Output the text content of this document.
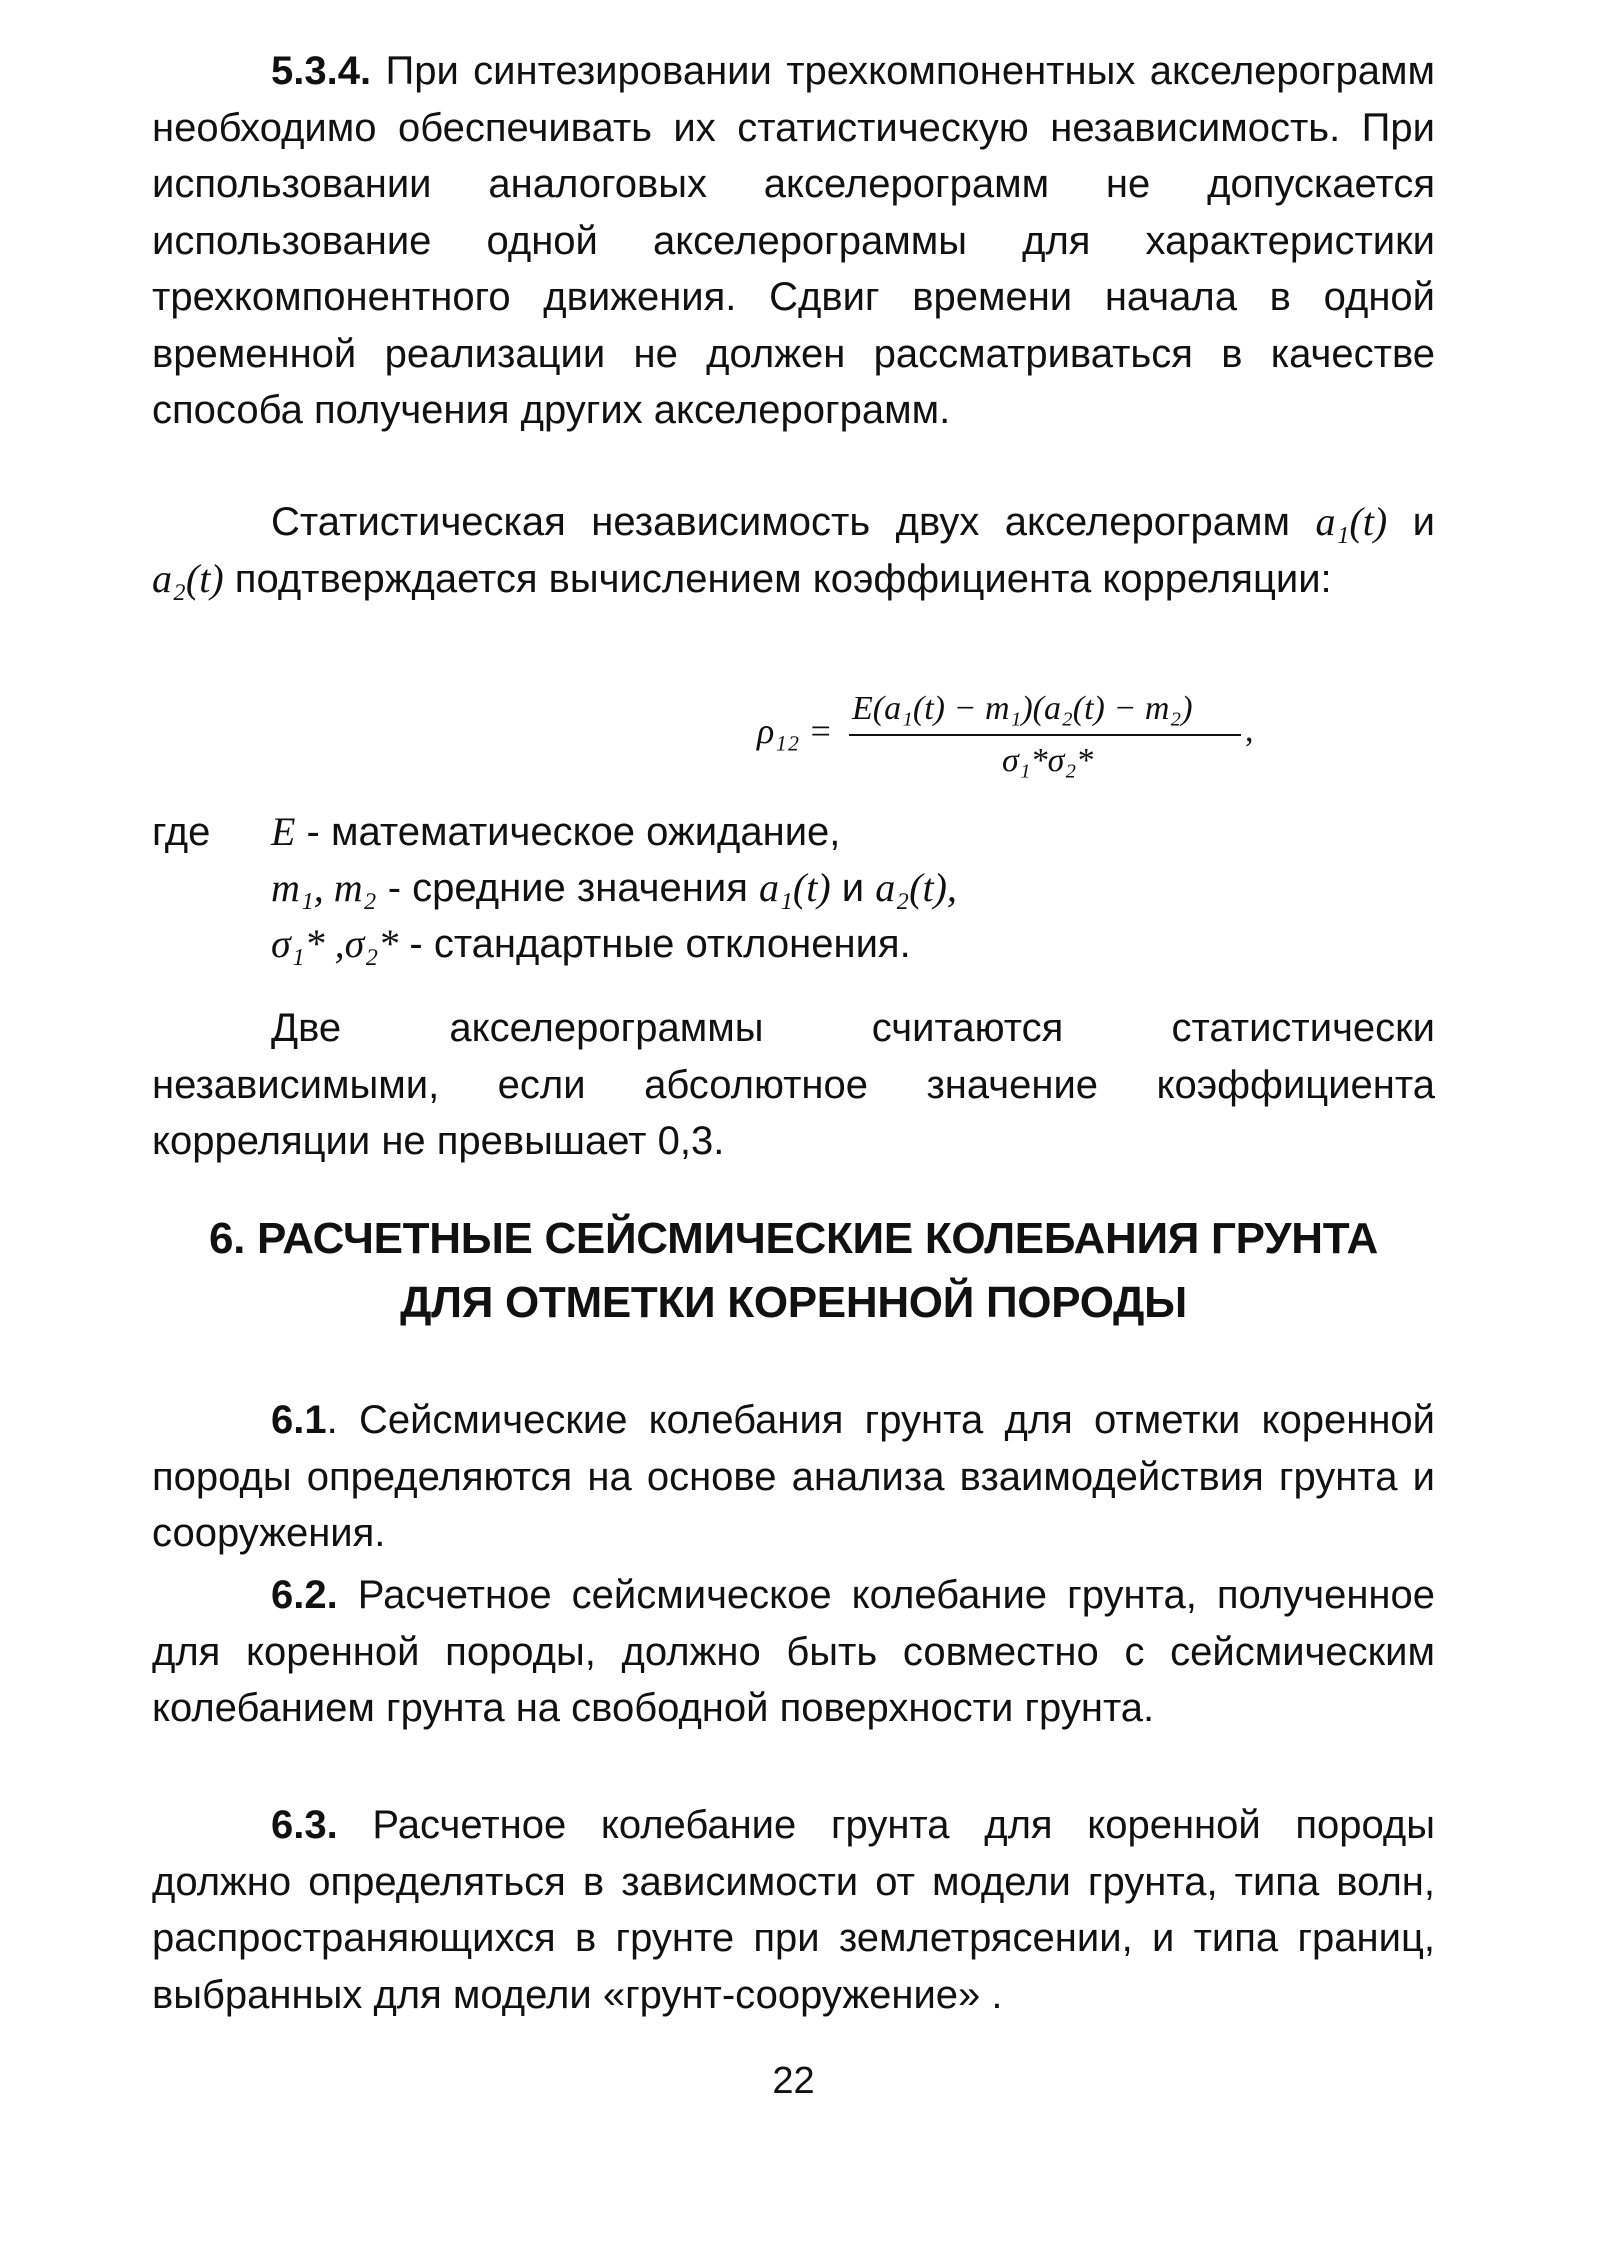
5.3.4. При синтезировании трехкомпонентных акселерограмм необходимо обеспечивать их статистическую независимость. При использовании аналоговых акселерограмм не допускается использование одной акселерограммы для характеристики трехкомпонентного движения. Сдвиг времени начала в одной временной реализации не должен рассматриваться в качестве способа получения других акселерограмм.

Статистическая независимость двух акселерограмм a₁(t) и a₂(t) подтверждается вычислением коэффициента корреляции:

ρ₁₂ =
E(a₁(t) − m₁)(a₂(t) − m₂)
σ₁*σ₂*
,
где E - математическое ожидание,
m₁, m₂ - средние значения a₁(t) и a₂(t),
σ₁* ,σ₂* - стандартные отклонения.

Две акселерограммы считаются статистически независимыми, если абсолютное значение коэффициента корреляции не превышает 0,3.

6. РАСЧЕТНЫЕ СЕЙСМИЧЕСКИЕ КОЛЕБАНИЯ ГРУНТА
ДЛЯ ОТМЕТКИ КОРЕННОЙ ПОРОДЫ

6.1. Сейсмические колебания грунта для отметки коренной породы определяются на основе анализа взаимодействия грунта и сооружения.

6.2. Расчетное сейсмическое колебание грунта, полученное для коренной породы, должно быть совместно с сейсмическим колебанием грунта на свободной поверхности грунта.

6.3. Расчетное колебание грунта для коренной породы должно определяться в зависимости от модели грунта, типа волн, распространяющихся в грунте при землетрясении, и типа границ, выбранных для модели «грунт-сооружение» .

22
